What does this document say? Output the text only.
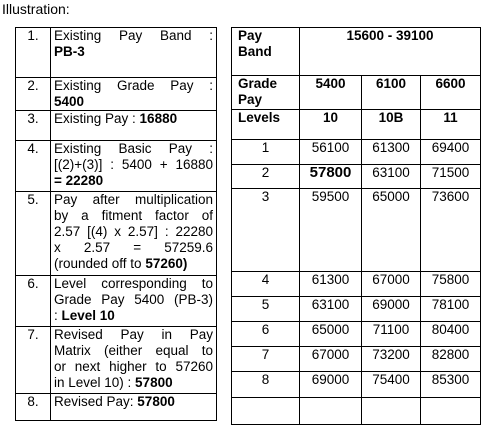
Illustration:
1.	Existing Pay Band :
PB-3

2.	Existing Grade Pay :
5400

3.	Existing Pay : 16880

4.	Existing Basic Pay :
[(2)+(3)] : 5400 + 16880
= 22280

5.	Pay after multiplication
by a fitment factor of
2.57 [(4) x 2.57] : 22280
x 2.57 = 57259.6
(rounded off to 57260)

6.	Level corresponding to
Grade Pay 5400 (PB-3)
: Level 10

7.	Revised Pay in Pay
Matrix (either equal to
or next higher to 57260
in Level 10) : 57800

8.	Revised Pay: 57800
Pay Band	15600 - 39100		
Grade Pay	5400	6100	6600
Levels	10	10B	11
1	56100	61300	69400
2	57800	63100	71500
3	59500	65000	73600
4	61300	67000	75800
5	63100	69000	78100
6	65000	71100	80400
7	67000	73200	82800
8	69000	75400	85300
